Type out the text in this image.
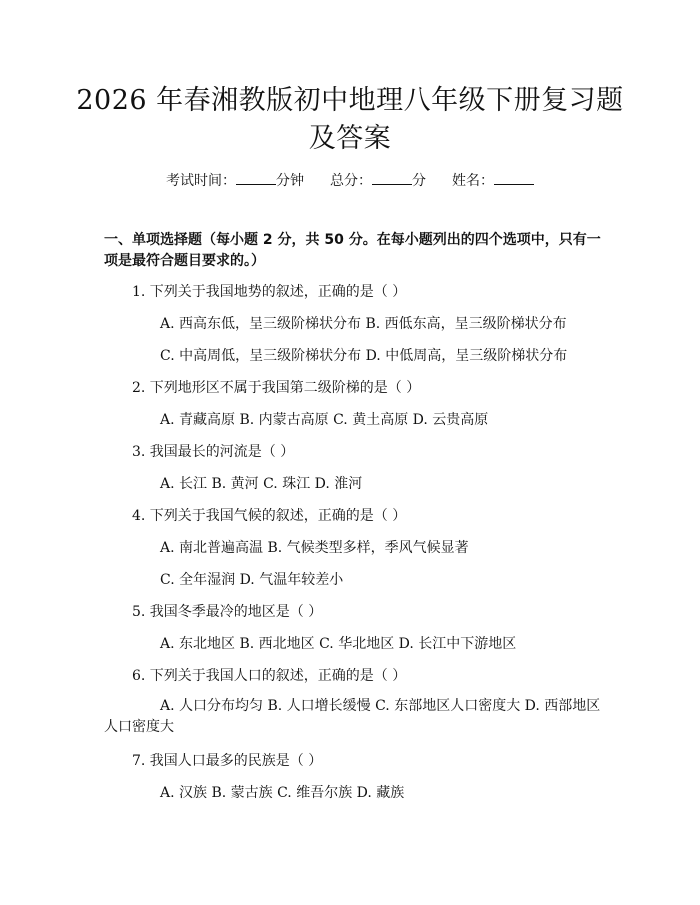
2026 年春湘教版初中地理八年级下册复习题
及答案
考试时间：	分钟 总分：	分 姓名：
一、单项选择题（每小题 2 分，共 50 分。在每小题列出的四个选项中，只有一项是最符合题目要求的。）
1. 下列关于我国地势的叙述，正确的是（ ）
A. 西高东低，呈三级阶梯状分布 B. 西低东高，呈三级阶梯状分布
C. 中高周低，呈三级阶梯状分布 D. 中低周高，呈三级阶梯状分布
2. 下列地形区不属于我国第二级阶梯的是（ ）
A. 青藏高原 B. 内蒙古高原 C. 黄土高原 D. 云贵高原
3. 我国最长的河流是（ ）
A. 长江 B. 黄河 C. 珠江 D. 淮河
4. 下列关于我国气候的叙述，正确的是（ ）
A. 南北普遍高温 B. 气候类型多样，季风气候显著
C. 全年湿润 D. 气温年较差小
5. 我国冬季最冷的地区是（ ）
A. 东北地区 B. 西北地区 C. 华北地区 D. 长江中下游地区
6. 下列关于我国人口的叙述，正确的是（ ）
A. 人口分布均匀 B. 人口增长缓慢 C. 东部地区人口密度大 D. 西部地区人口密度大
7. 我国人口最多的民族是（ ）
A. 汉族 B. 蒙古族 C. 维吾尔族 D. 藏族
